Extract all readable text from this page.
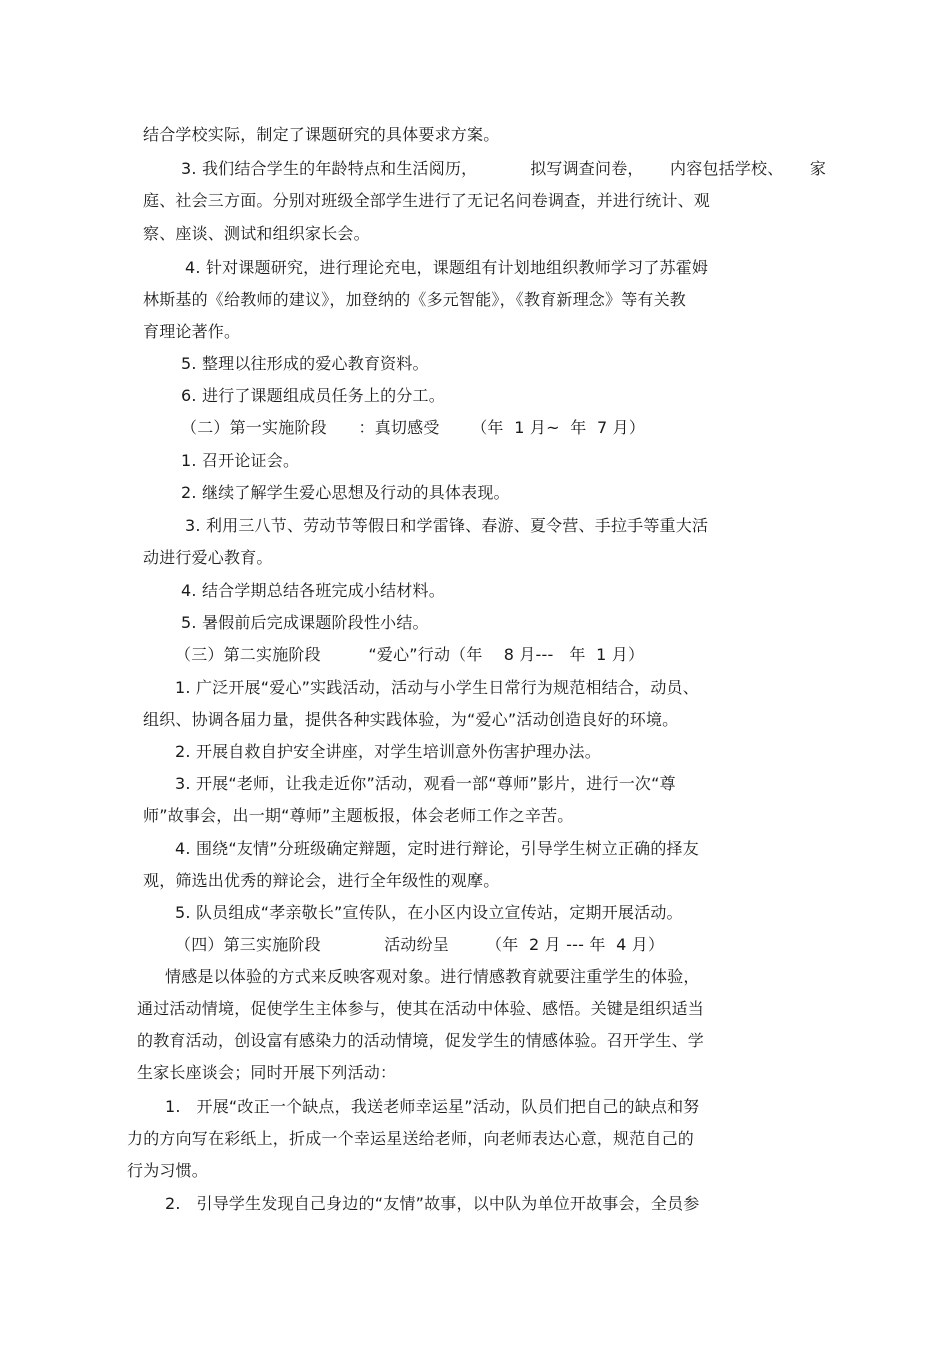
结合学校实际，制定了课题研究的具体要求方案。
3. 我们结合学生的年龄特点和生活阅历，          拟写调查问卷，     内容包括学校、     家
庭、社会三方面。分别对班级全部学生进行了无记名问卷调查，并进行统计、观
察、座谈、测试和组织家长会。
4. 针对课题研究，进行理论充电，课题组有计划地组织教师学习了苏霍姆
林斯基的《给教师的建议》，加登纳的《多元智能》，《教育新理念》等有关教
育理论著作。
5. 整理以往形成的爱心教育资料。
6. 进行了课题组成员任务上的分工。
（二）第一实施阶段      ：真切感受      （年  1 月~  年  7 月）
1. 召开论证会。
2. 继续了解学生爱心思想及行动的具体表现。
3. 利用三八节、劳动节等假日和学雷锋、春游、夏令营、手拉手等重大活
动进行爱心教育。
4. 结合学期总结各班完成小结材料。
5. 暑假前后完成课题阶段性小结。
（三）第二实施阶段         “爱心”行动（年    8 月---   年  1 月）
1. 广泛开展“爱心”实践活动，活动与小学生日常行为规范相结合，动员、
组织、协调各届力量，提供各种实践体验，为“爱心”活动创造良好的环境。
2. 开展自救自护安全讲座，对学生培训意外伤害护理办法。
3. 开展“老师，让我走近你”活动，观看一部“尊师”影片，进行一次“尊
师”故事会，出一期“尊师”主题板报，体会老师工作之辛苦。
4. 围绕“友情”分班级确定辩题，定时进行辩论，引导学生树立正确的择友
观，筛选出优秀的辩论会，进行全年级性的观摩。
5. 队员组成“孝亲敬长”宣传队，在小区内设立宣传站，定期开展活动。
（四）第三实施阶段            活动纷呈       （年  2 月 --- 年  4 月）
情感是以体验的方式来反映客观对象。进行情感教育就要注重学生的体验，
通过活动情境，促使学生主体参与，使其在活动中体验、感悟。关键是组织适当
的教育活动，创设富有感染力的活动情境，促发学生的情感体验。召开学生、学
生家长座谈会；同时开展下列活动：
1.   开展“改正一个缺点，我送老师幸运星”活动，队员们把自己的缺点和努
力的方向写在彩纸上，折成一个幸运星送给老师，向老师表达心意，规范自己的
行为习惯。
2.   引导学生发现自己身边的“友情”故事，以中队为单位开故事会，全员参
